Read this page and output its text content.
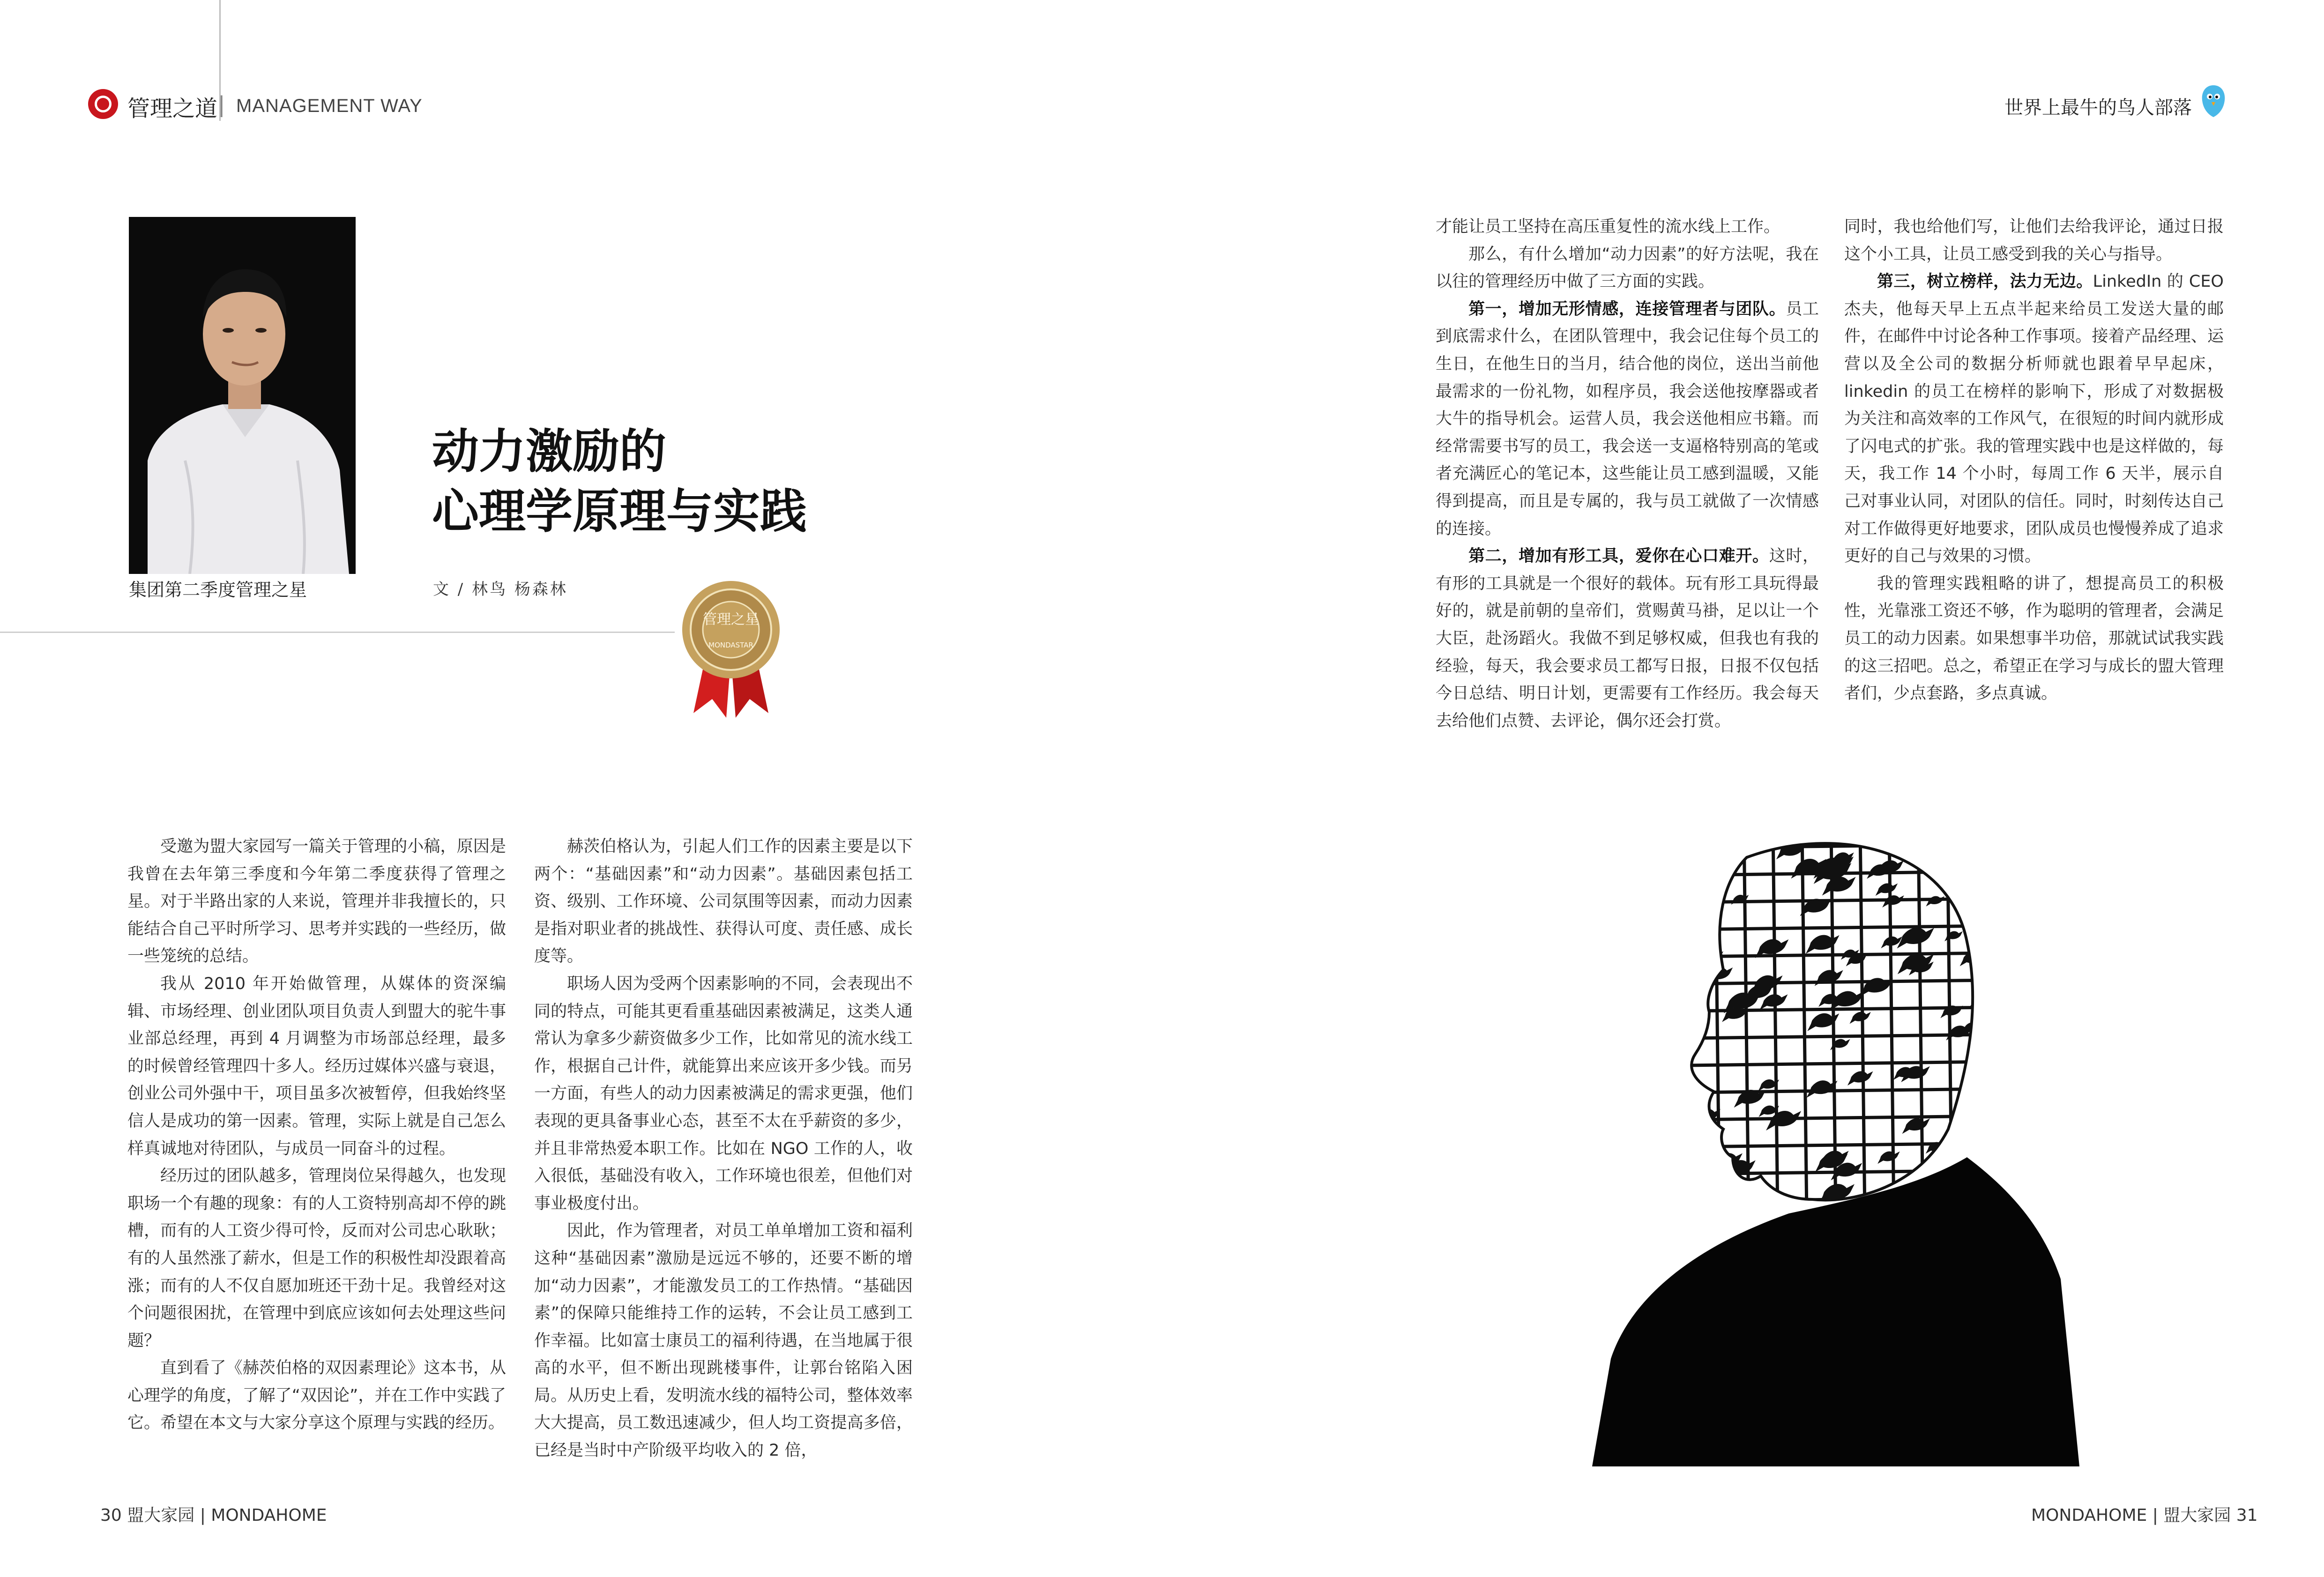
管理之道 | MANAGEMENT WAY	世界上最牛的鸟人部落
集团第二季度管理之星
动力激励的
心理学原理与实践
文 / 林鸟 杨森林
管理之星
MONDASTAR

受邀为盟大家园写一篇关于管理的小稿，原因是我曾在去年第三季度和今年第二季度获得了管理之星。对于半路出家的人来说，管理并非我擅长的，只能结合自己平时所学习、思考并实践的一些经历，做一些笼统的总结。

我从 2010 年开始做管理，从媒体的资深编辑、市场经理、创业团队项目负责人到盟大的驼牛事业部总经理，再到 4 月调整为市场部总经理，最多的时候曾经管理四十多人。经历过媒体兴盛与衰退，创业公司外强中干，项目虽多次被暂停，但我始终坚信人是成功的第一因素。管理，实际上就是自己怎么样真诚地对待团队，与成员一同奋斗的过程。

经历过的团队越多，管理岗位呆得越久，也发现职场一个有趣的现象：有的人工资特别高却不停的跳槽，而有的人工资少得可怜，反而对公司忠心耿耿；有的人虽然涨了薪水，但是工作的积极性却没跟着高涨；而有的人不仅自愿加班还干劲十足。我曾经对这个问题很困扰，在管理中到底应该如何去处理这些问题？

直到看了《赫茨伯格的双因素理论》这本书，从心理学的角度，了解了“双因论”，并在工作中实践了它。希望在本文与大家分享这个原理与实践的经历。

赫茨伯格认为，引起人们工作的因素主要是以下两个：“基础因素”和“动力因素”。基础因素包括工资、级别、工作环境、公司氛围等因素，而动力因素是指对职业者的挑战性、获得认可度、责任感、成长度等。

职场人因为受两个因素影响的不同，会表现出不同的特点，可能其更看重基础因素被满足，这类人通常认为拿多少薪资做多少工作，比如常见的流水线工作，根据自己计件，就能算出来应该开多少钱。而另一方面，有些人的动力因素被满足的需求更强，他们表现的更具备事业心态，甚至不太在乎薪资的多少，并且非常热爱本职工作。比如在 NGO 工作的人，收入很低，基础没有收入，工作环境也很差，但他们对事业极度付出。

因此，作为管理者，对员工单单增加工资和福利这种“基础因素”激励是远远不够的，还要不断的增加“动力因素”，才能激发员工的工作热情。“基础因素”的保障只能维持工作的运转，不会让员工感到工作幸福。比如富士康员工的福利待遇，在当地属于很高的水平，但不断出现跳楼事件，让郭台铭陷入困局。从历史上看，发明流水线的福特公司，整体效率大大提高，员工数迅速减少，但人均工资提高多倍，已经是当时中产阶级平均收入的 2 倍，

才能让员工坚持在高压重复性的流水线上工作。

那么，有什么增加“动力因素”的好方法呢，我在以往的管理经历中做了三方面的实践。

第一，增加无形情感，连接管理者与团队。员工到底需求什么，在团队管理中，我会记住每个员工的生日，在他生日的当月，结合他的岗位，送出当前他最需求的一份礼物，如程序员，我会送他按摩器或者大牛的指导机会。运营人员，我会送他相应书籍。而经常需要书写的员工，我会送一支逼格特别高的笔或者充满匠心的笔记本，这些能让员工感到温暖，又能得到提高，而且是专属的，我与员工就做了一次情感的连接。

第二，增加有形工具，爱你在心口难开。这时，有形的工具就是一个很好的载体。玩有形工具玩得最好的，就是前朝的皇帝们，赏赐黄马褂，足以让一个大臣，赴汤蹈火。我做不到足够权威，但我也有我的经验，每天，我会要求员工都写日报，日报不仅包括今日总结、明日计划，更需要有工作经历。我会每天去给他们点赞、去评论，偶尔还会打赏。

同时，我也给他们写，让他们去给我评论，通过日报这个小工具，让员工感受到我的关心与指导。

第三，树立榜样，法力无边。LinkedIn 的 CEO 杰夫，他每天早上五点半起来给员工发送大量的邮件，在邮件中讨论各种工作事项。接着产品经理、运营以及全公司的数据分析师就也跟着早早起床，linkedin 的员工在榜样的影响下，形成了对数据极为关注和高效率的工作风气，在很短的时间内就形成了闪电式的扩张。我的管理实践中也是这样做的，每天，我工作 14 个小时，每周工作 6 天半，展示自己对事业认同，对团队的信任。同时，时刻传达自己对工作做得更好地要求，团队成员也慢慢养成了追求更好的自己与效果的习惯。

我的管理实践粗略的讲了，想提高员工的积极性，光靠涨工资还不够，作为聪明的管理者，会满足员工的动力因素。如果想事半功倍，那就试试我实践的这三招吧。总之，希望正在学习与成长的盟大管理者们，少点套路，多点真诚。

30 盟大家园 | MONDAHOME	MONDAHOME | 盟大家园 31
